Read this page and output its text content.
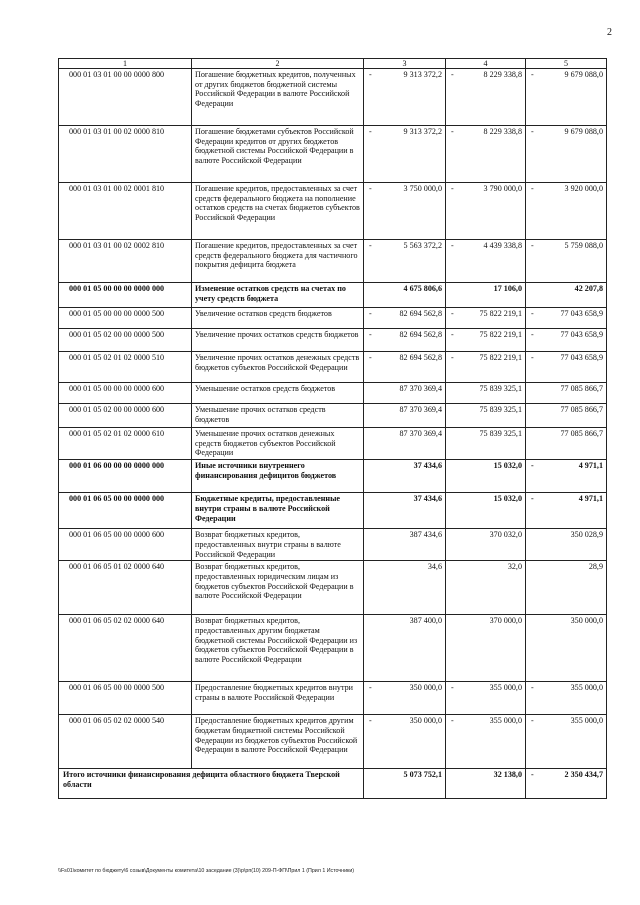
2
1	2	3	4	5
000 01 03 01 00 00 0000 800	Погашение бюджетных кредитов, полученных от других бюджетов бюджетной системы Российской Федерации в валюте Российской Федерации	- 9 313 372,2	- 8 229 338,8	- 9 679 088,0

000 01 03 01 00 02 0000 810	Погашение бюджетами субъектов Российской Федерации кредитов от других бюджетов бюджетной системы Российской Федерации в валюте Российской Федерации	- 9 313 372,2	- 8 229 338,8	- 9 679 088,0

000 01 03 01 00 02 0001 810	Погашение кредитов, предоставленных за счет средств федерального бюджета на пополнение остатков средств на счетах бюджетов субъектов Российской Федерации	- 3 750 000,0	- 3 790 000,0	- 3 920 000,0

000 01 03 01 00 02 0002 810	Погашение кредитов, предоставленных за счет средств федерального бюджета для частичного покрытия дефицита бюджета	- 5 563 372,2	- 4 439 338,8	- 5 759 088,0

000 01 05 00 00 00 0000 000	Изменение остатков средств на счетах по учету средств бюджета	4 675 806,6	17 106,0	42 207,8

000 01 05 00 00 00 0000 500	Увеличение остатков средств бюджетов	- 82 694 562,8	- 75 822 219,1	- 77 043 658,9

000 01 05 02 00 00 0000 500	Увеличение прочих остатков средств бюджетов	- 82 694 562,8	- 75 822 219,1	- 77 043 658,9

000 01 05 02 01 02 0000 510	Увеличение прочих остатков денежных средств бюджетов субъектов Российской Федерации	- 82 694 562,8	- 75 822 219,1	- 77 043 658,9

000 01 05 00 00 00 0000 600	Уменьшение остатков средств бюджетов	87 370 369,4	75 839 325,1	77 085 866,7

000 01 05 02 00 00 0000 600	Уменьшение прочих остатков средств бюджетов	87 370 369,4	75 839 325,1	77 085 866,7

000 01 05 02 01 02 0000 610	Уменьшение прочих остатков денежных средств бюджетов субъектов Российской Федерации	87 370 369,4	75 839 325,1	77 085 866,7

000 01 06 00 00 00 0000 000	Иные источники внутреннего финансирования дефицитов бюджетов	37 434,6	15 032,0	- 4 971,1

000 01 06 05 00 00 0000 000	Бюджетные кредиты, предоставленные внутри страны в валюте Российской Федерации	37 434,6	15 032,0	- 4 971,1

000 01 06 05 00 00 0000 600	Возврат бюджетных кредитов, предоставленных внутри страны в валюте Российской Федерации	387 434,6	370 032,0	350 028,9

000 01 06 05 01 02 0000 640	Возврат бюджетных кредитов, предоставленных юридическим лицам из бюджетов субъектов Российской Федерации в валюте Российской Федерации	34,6	32,0	28,9

000 01 06 05 02 02 0000 640	Возврат бюджетных кредитов, предоставленных другим бюджетам бюджетной системы Российской Федерации из бюджетов субъектов Российской Федерации в валюте Российской Федерации	387 400,0	370 000,0	350 000,0

000 01 06 05 00 00 0000 500	Предоставление бюджетных кредитов внутри страны в валюте Российской Федерации	- 350 000,0	- 355 000,0	- 355 000,0

000 01 06 05 02 02 0000 540	Предоставление бюджетных кредитов другим бюджетам бюджетной системы Российской Федерации из бюджетов субъектов Российской Федерации в валюте Российской Федерации	- 350 000,0	- 355 000,0	- 355 000,0

Итого источники финансирования дефицита областного бюджета Тверской области		5 073 752,1	32 138,0	- 2 350 434,7
\\Fs01\комитет по бюджету\6 созыв\Документы комитета\10 заседание (3)\р\рп(10) 209-П-ФП\Прил 1 (Прил 1 Источники)
